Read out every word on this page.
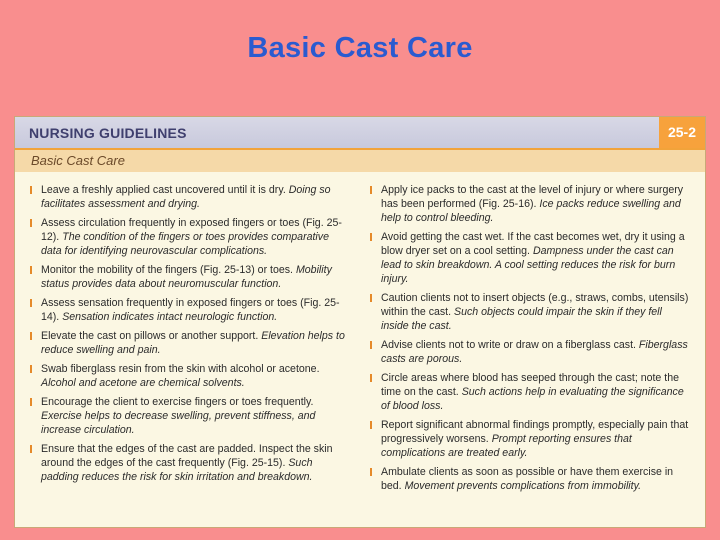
Basic Cast Care
NURSING GUIDELINES	25-2
Basic Cast Care
Leave a freshly applied cast uncovered until it is dry. Doing so facilitates assessment and drying.
Assess circulation frequently in exposed fingers or toes (Fig. 25-12). The condition of the fingers or toes provides comparative data for identifying neurovascular complications.
Monitor the mobility of the fingers (Fig. 25-13) or toes. Mobility status provides data about neuromuscular function.
Assess sensation frequently in exposed fingers or toes (Fig. 25-14). Sensation indicates intact neurologic function.
Elevate the cast on pillows or another support. Elevation helps to reduce swelling and pain.
Swab fiberglass resin from the skin with alcohol or acetone. Alcohol and acetone are chemical solvents.
Encourage the client to exercise fingers or toes frequently. Exercise helps to decrease swelling, prevent stiffness, and increase circulation.
Ensure that the edges of the cast are padded. Inspect the skin around the edges of the cast frequently (Fig. 25-15). Such padding reduces the risk for skin irritation and breakdown.
Apply ice packs to the cast at the level of injury or where surgery has been performed (Fig. 25-16). Ice packs reduce swelling and help to control bleeding.
Avoid getting the cast wet. If the cast becomes wet, dry it using a blow dryer set on a cool setting. Dampness under the cast can lead to skin breakdown. A cool setting reduces the risk for burn injury.
Caution clients not to insert objects (e.g., straws, combs, utensils) within the cast. Such objects could impair the skin if they fell inside the cast.
Advise clients not to write or draw on a fiberglass cast. Fiberglass casts are porous.
Circle areas where blood has seeped through the cast; note the time on the cast. Such actions help in evaluating the significance of blood loss.
Report significant abnormal findings promptly, especially pain that progressively worsens. Prompt reporting ensures that complications are treated early.
Ambulate clients as soon as possible or have them exercise in bed. Movement prevents complications from immobility.
